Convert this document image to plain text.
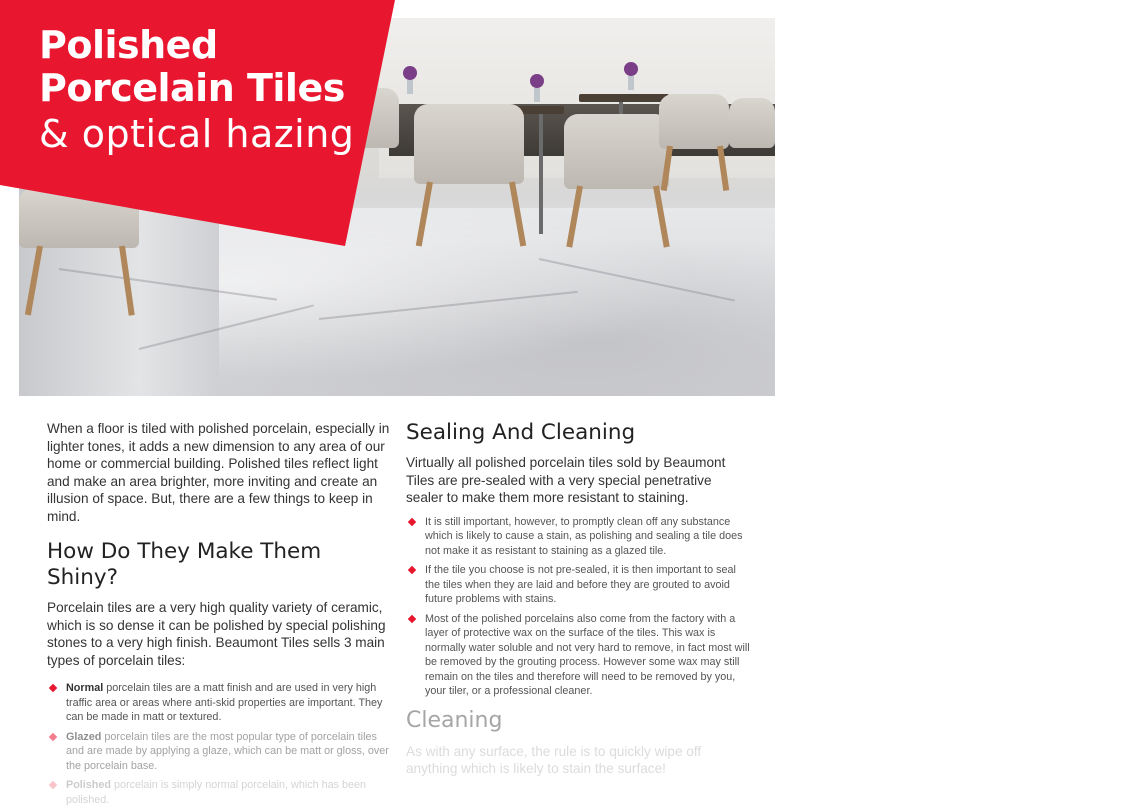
Polished
Porcelain Tiles
& optical hazing

When a floor is tiled with polished porcelain, especially in lighter tones, it adds a new dimension to any area of our home or commercial building. Polished tiles reflect light and make an area brighter, more inviting and create an illusion of space. But, there are a few things to keep in mind.

How Do They Make Them Shiny?

Porcelain tiles are a very high quality variety of ceramic, which is so dense it can be polished by special polishing stones to a very high finish. Beaumont Tiles sells 3 main types of porcelain tiles:

Normal porcelain tiles are a matt finish and are used in very high traffic area or areas where anti-skid properties are important. They can be made in matt or textured.
Glazed porcelain tiles are the most popular type of porcelain tiles and are made by applying a glaze, which can be matt or gloss, over the porcelain base.
Polished porcelain is simply normal porcelain, which has been polished.
Sealing And Cleaning

Virtually all polished porcelain tiles sold by Beaumont Tiles are pre-sealed with a very special penetrative sealer to make them more resistant to staining.

It is still important, however, to promptly clean off any substance which is likely to cause a stain, as polishing and sealing a tile does not make it as resistant to staining as a glazed tile.
If the tile you choose is not pre-sealed, it is then important to seal the tiles when they are laid and before they are grouted to avoid future problems with stains.
Most of the polished porcelains also come from the factory with a layer of protective wax on the surface of the tiles. This wax is normally water soluble and not very hard to remove, in fact most will be removed by the grouting process. However some wax may still remain on the tiles and therefore will need to be removed by you, your tiler, or a professional cleaner.
Cleaning

As with any surface, the rule is to quickly wipe off anything which is likely to stain the surface!
